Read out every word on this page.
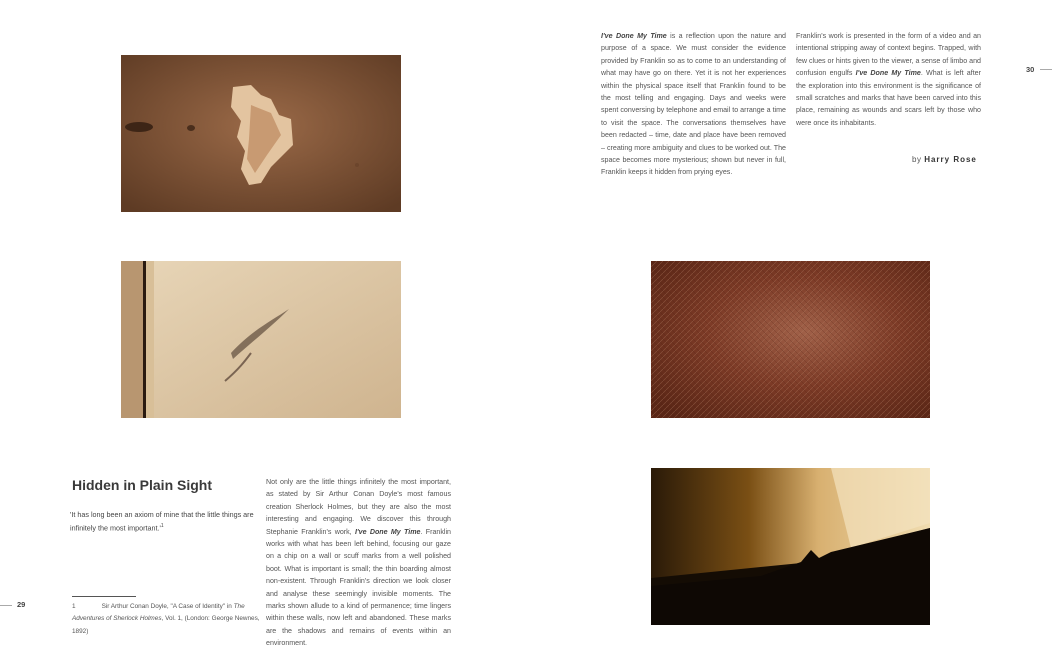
I've Done My Time is a reflection upon the nature and purpose of a space. We must consider the evidence provided by Franklin so as to come to an understanding of what may have go on there. Yet it is not her experiences within the physical space itself that Franklin found to be the most telling and engaging. Days and weeks were spent conversing by telephone and email to arrange a time to visit the space. The conversations themselves have been redacted – time, date and place have been removed – creating more ambiguity and clues to be worked out. The space becomes more mysterious; shown but never in full, Franklin keeps it hidden from prying eyes.
Franklin's work is presented in the form of a video and an intentional stripping away of context begins. Trapped, with few clues or hints given to the viewer, a sense of limbo and confusion engulfs I've Done My Time. What is left after the exploration into this environment is the significance of small scratches and marks that have been carved into this place, remaining as wounds and scars left by those who were once its inhabitants.
by Harry Rose
Hidden in Plain Sight
'It has long been an axiom of mine that the little things are infinitely the most $important.'^1$
Not only are the little things infinitely the most important, as stated by Sir Arthur Conan Doyle's most famous creation Sherlock Holmes, but they are also the most interesting and engaging. We discover this through Stephanie Franklin's work, I've Done My Time. Franklin works with what has been left behind, focusing our gaze on a chip on a wall or scuff marks from a well polished boot. What is important is small; the thin boarding almost non-existent. Through Franklin's direction we look closer and analyse these seemingly invisible moments. The marks shown allude to a kind of permanence; time lingers within these walls, now left and abandoned. These marks are the shadows and remains of events within an environment.
1	Sir Arthur Conan Doyle, "A Case of Identity" in The Adventures of Sherlock Holmes, Vol. 1, (London: George Newnes, 1892)
29
30
